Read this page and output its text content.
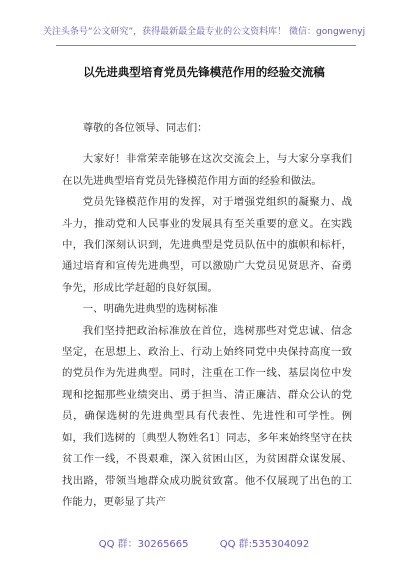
关注头条号“公文研究”，获得最新最全最专业的公文资料库！ 微信：gongwenyj
以先进典型培育党员先锋模范作用的经验交流稿

尊敬的各位领导、同志们：

大家好！非常荣幸能够在这次交流会上，与大家分享我们在以先进典型培育党员先锋模范作用方面的经验和做法。

党员先锋模范作用的发挥，对于增强党组织的凝聚力、战斗力，推动党和人民事业的发展具有至关重要的意义。在实践中，我们深刻认识到，先进典型是党员队伍中的旗帜和标杆，通过培育和宣传先进典型，可以激励广大党员见贤思齐、奋勇争先，形成比学赶超的良好氛围。

一、明确先进典型的选树标准

我们坚持把政治标准放在首位，选树那些对党忠诚、信念坚定，在思想上、政治上、行动上始终同党中央保持高度一致的党员作为先进典型。同时，注重在工作一线、基层岗位中发现和挖掘那些业绩突出、勇于担当、清正廉洁、群众公认的党员，确保选树的先进典型具有代表性、先进性和可学性。例如，我们选树的〔典型人物姓名1〕同志，多年来始终坚守在扶贫工作一线，不畏艰难，深入贫困山区，为贫困群众谋发展、找出路，带领当地群众成功脱贫致富。他不仅展现了出色的工作能力，更彰显了共产

QQ 群：30265665	QQ 群:535304092
